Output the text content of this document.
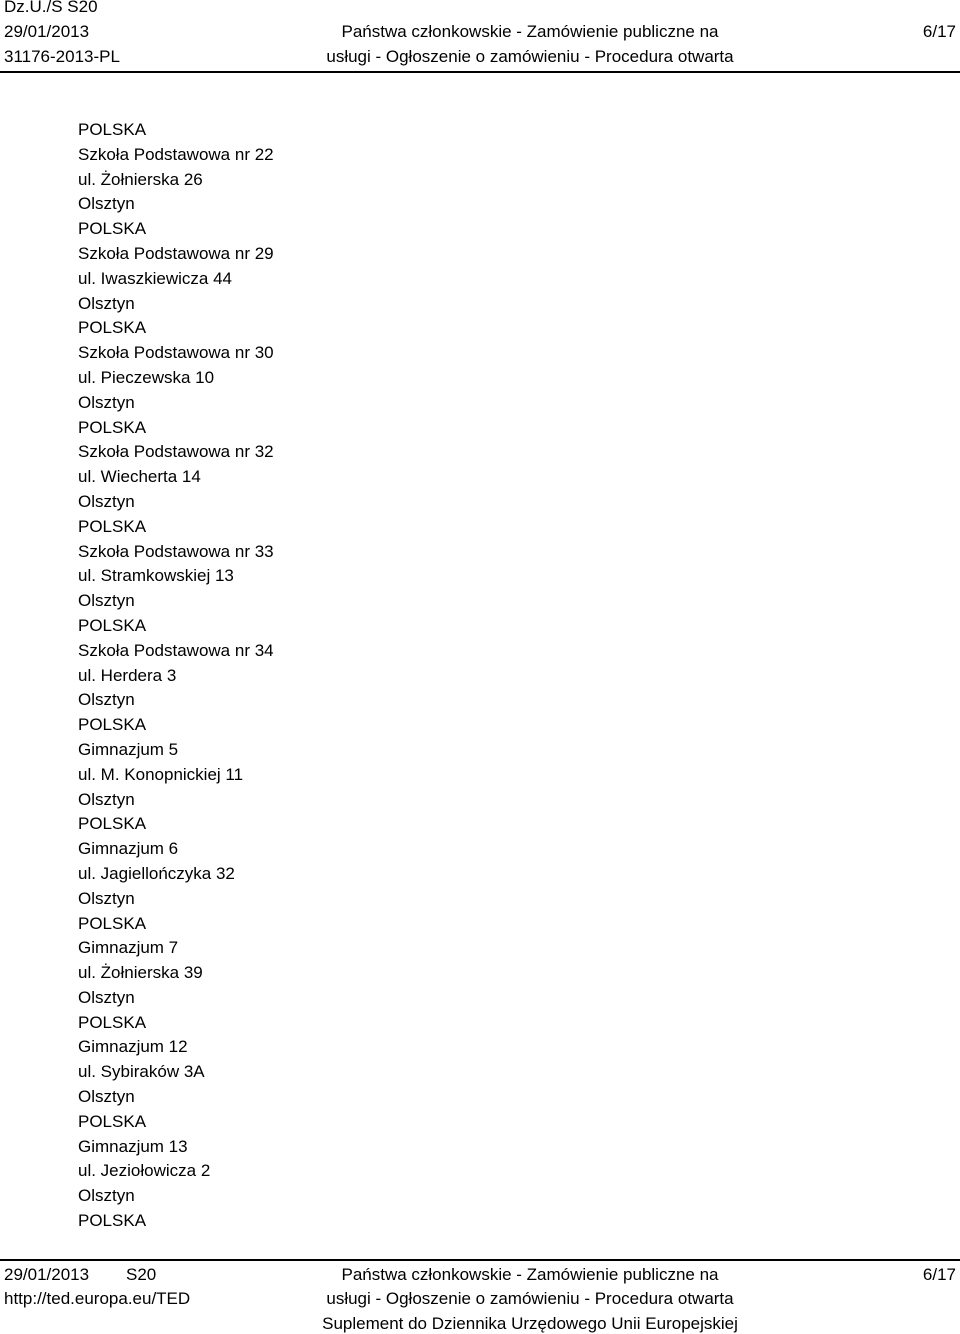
Dz.U./S S20
29/01/2013
31176-2013-PL
Państwa członkowskie - Zamówienie publiczne na
usługi - Ogłoszenie o zamówieniu - Procedura otwarta
6/17
POLSKA
Szkoła Podstawowa nr 22
ul. Żołnierska 26
Olsztyn
POLSKA
Szkoła Podstawowa nr 29
ul. Iwaszkiewicza 44
Olsztyn
POLSKA
Szkoła Podstawowa nr 30
ul. Pieczewska 10
Olsztyn
POLSKA
Szkoła Podstawowa nr 32
ul. Wiecherta 14
Olsztyn
POLSKA
Szkoła Podstawowa nr 33
ul. Stramkowskiej 13
Olsztyn
POLSKA
Szkoła Podstawowa nr 34
ul. Herdera 3
Olsztyn
POLSKA
Gimnazjum 5
ul. M. Konopnickiej 11
Olsztyn
POLSKA
Gimnazjum 6
ul. Jagiellończyka 32
Olsztyn
POLSKA
Gimnazjum 7
ul. Żołnierska 39
Olsztyn
POLSKA
Gimnazjum 12
ul. Sybiraków 3A
Olsztyn
POLSKA
Gimnazjum 13
ul. Jeziołowicza 2
Olsztyn
POLSKA
29/01/2013 S20
http://ted.europa.eu/TED
Państwa członkowskie - Zamówienie publiczne na
usługi - Ogłoszenie o zamówieniu - Procedura otwarta
Suplement do Dziennika Urzędowego Unii Europejskiej
6/17
